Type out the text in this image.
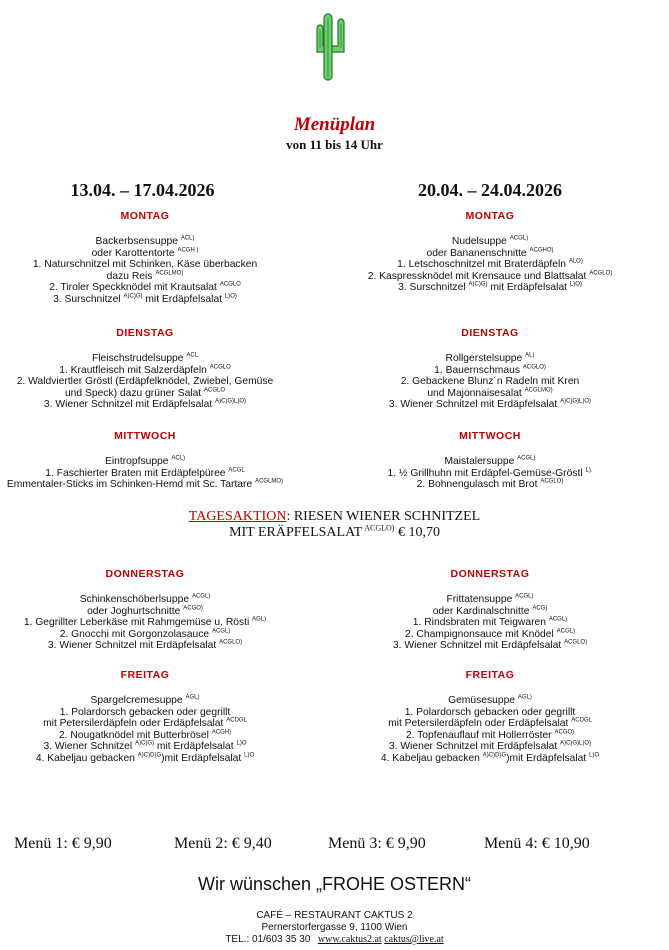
Menüplan
von 11 bis 14 Uhr
13.04. – 17.04.2026	20.04. – 24.04.2026
MONTAG
Backerbsensuppe $^{ACL)}$
oder Karottentorte $^{ACGH )}$
1. Naturschnitzel mit Schinken, Käse überbacken
dazu Reis $^{ACGLMO)}$
2. Tiroler Speckknödel mit Krautsalat $^{ACGLO}$
3. Surschnitzel $^{A)C)G)}$ mit Erdäpfelsalat $^{L)O)}$
DIENSTAG
Fleischstrudelsuppe $^{ACL}$
1. Krautfleisch mit Salzerdäpfeln $^{ACGLO}$
2. Waldviertler Gröstl (Erdäpfelknödel, Zwiebel, Gemüse
und Speck) dazu grüner Salat $^{ACGLO}$
3. Wiener Schnitzel mit Erdäpfelsalat $^{A)C)G)L)O)}$
MITTWOCH
Eintropfsuppe $^{ACL)}$
1. Faschierter Braten mit Erdäpfelpüree $^{ACGL}$
Emmentaler-Sticks im Schinken-Hemd mit Sc. Tartare $^{ACGLMO)}$
DONNERSTAG
Schinkenschöberlsuppe $^{ACGL)}$
oder Joghurtschnitte $^{ACGO)}$
1. Gegrillter Leberkäse mit Rahmgemüse u. Rösti $^{AGL)}$
2. Gnocchi mit Gorgonzolasauce $^{ACGL)}$
3. Wiener Schnitzel mit Erdäpfelsalat $^{ACGLO)}$
FREITAG
Spargelcremesuppe $^{AGL)}$
1. Polardorsch gebacken oder gegrillt
mit Petersilerdäpfeln oder Erdäpfelsalat $^{ACDGL}$
2. Nougatknödel mit Butterbrösel $^{ACGH)}$
3. Wiener Schnitzel $^{A)C)G)}$ mit Erdäpfelsalat $^{L)O}$
4. Kabeljau gebacken $^{A)C)D)G}$)mit Erdäpfelsalat $^{L)O}$
MONTAG
Nudelsuppe $^{ACGL)}$
oder Bananenschnitte $^{ACGHO)}$
1. Letschoschnitzel mit Braterdäpfeln $^{ALO)}$
2. Kaspressknödel mit Krensauce und Blattsalat $^{ACGLO)}$
3. Surschnitzel $^{A)C)G)}$ mit Erdäpfelsalat $^{L)O)}$
DIENSTAG
Rollgerstelsuppe $^{AL)}$
1. Bauernschmaus $^{ACGLO)}$
2. Gebackene Blunz´n Radeln mit Kren
und Majonnaisesalat $^{ACGLMO)}$
3. Wiener Schnitzel mit Erdäpfelsalat $^{A)C)G)L)O)}$
MITTWOCH
Maistalersuppe $^{ACGL)}$
1. ½ Grillhuhn mit Erdäpfel-Gemüse-Gröstl $^{L).}$
2. Bohnengulasch mit Brot $^{ACGLO)}$
DONNERSTAG
Frittatensuppe $^{ACGL)}$
oder Kardinalschnitte $^{ACG)}$
1. Rindsbraten mit Teigwaren $^{ACGL)}$
2. Champignonsauce mit Knödel $^{ACGL)}$
3. Wiener Schnitzel mit Erdäpfelsalat $^{ACGLO)}$
FREITAG
Gemüsesuppe $^{AGL)}$
1. Polardorsch gebacken oder gegrillt
mit Petersilerdäpfeln oder Erdäpfelsalat $^{ACDGL}$
2. Topfenauflauf mit Hollerröster $^{ACGO)}$
3. Wiener Schnitzel mit Erdäpfelsalat $^{A)C)G)L)O)}$
4. Kabeljau gebacken $^{A)C)D)G}$)mit Erdäpfelsalat $^{L)O}$
TAGESAKTION: RIESEN WIENER SCHNITZEL
MIT ERÄPFELSALAT $^{ACGLO)}$ € 10,70
Menü 1: € 9,90	Menü 2: € 9,40	Menü 3: € 9,90	Menü 4: € 10,90
Wir wünschen „FROHE OSTERN“
CAFÉ – RESTAURANT CAKTUS 2
Pernerstorfergasse 9, 1100 Wien
TEL.: 01/603 35 30 www.caktus2.at caktus@live.at
